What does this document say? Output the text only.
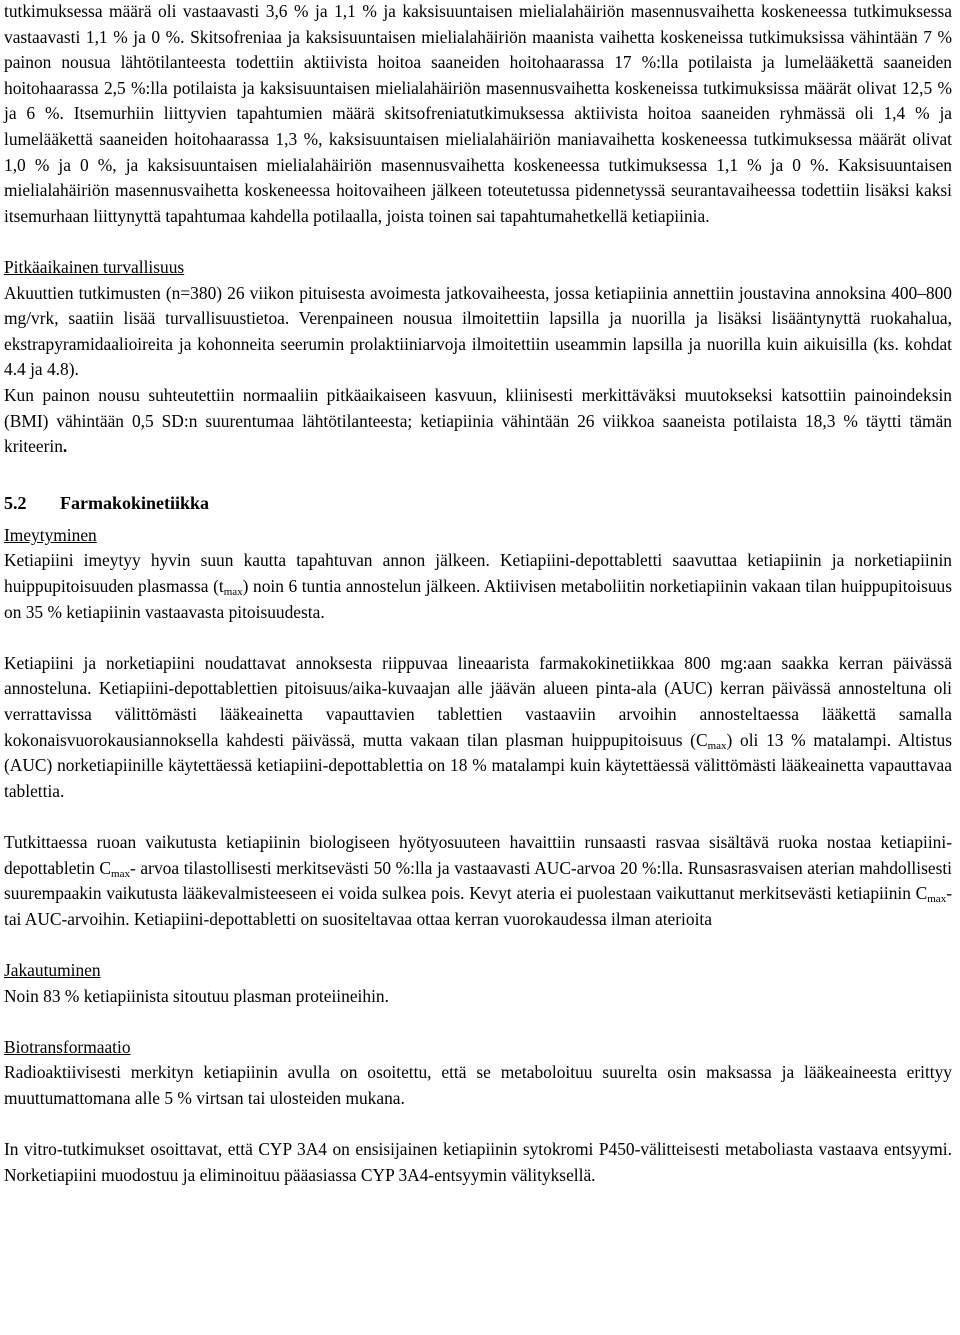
tutkimuksessa määrä oli vastaavasti 3,6 % ja 1,1 % ja kaksisuuntaisen mielialahäiriön masennusvaihetta koskeneessa tutkimuksessa vastaavasti 1,1 % ja 0 %. Skitsofreniaa ja kaksisuuntaisen mielialahäiriön maanista vaihetta koskeneissa tutkimuksissa vähintään 7 % painon nousua lähtötilanteesta todettiin aktiivista hoitoa saaneiden hoitohaarassa 17 %:lla potilaista ja lumelääkettä saaneiden hoitohaarassa 2,5 %:lla potilaista ja kaksisuuntaisen mielialahäiriön masennusvaihetta koskeneissa tutkimuksissa määrät olivat 12,5 % ja 6 %. Itsemurhiin liittyvien tapahtumien määrä skitsofreniatutkimuksessa aktiivista hoitoa saaneiden ryhmässä oli 1,4 % ja lumelääkettä saaneiden hoitohaarassa 1,3 %, kaksisuuntaisen mielialahäiriön maniavaihetta koskeneessa tutkimuksessa määrät olivat 1,0 % ja 0 %, ja kaksisuuntaisen mielialahäiriön masennusvaihetta koskeneessa tutkimuksessa 1,1 % ja 0 %. Kaksisuuntaisen mielialahäiriön masennusvaihetta koskeneessa hoitovaiheen jälkeen toteutetussa pidennetyssä seurantavaiheessa todettiin lisäksi kaksi itsemurhaan liittynyttä tapahtumaa kahdella potilaalla, joista toinen sai tapahtumahetkellä ketiapiinia.

Pitkäaikainen turvallisuus

Akuuttien tutkimusten (n=380) 26 viikon pituisesta avoimesta jatkovaiheesta, jossa ketiapiinia annettiin joustavina annoksina 400–800 mg/vrk, saatiin lisää turvallisuustietoa. Verenpaineen nousua ilmoitettiin lapsilla ja nuorilla ja lisäksi lisääntynyttä ruokahalua, ekstrapyramidaalioireita ja kohonneita seerumin prolaktiiniarvoja ilmoitettiin useammin lapsilla ja nuorilla kuin aikuisilla (ks. kohdat 4.4 ja 4.8).

Kun painon nousu suhteutettiin normaaliin pitkäaikaiseen kasvuun, kliinisesti merkittäväksi muutokseksi katsottiin painoindeksin (BMI) vähintään 0,5 SD:n suurentumaa lähtötilanteesta; ketiapiinia vähintään 26 viikkoa saaneista potilaista 18,3 % täytti tämän kriteerin.

5.2 Farmakokinetiikka

Imeytyminen

Ketiapiini imeytyy hyvin suun kautta tapahtuvan annon jälkeen. Ketiapiini-depottabletti saavuttaa ketiapiinin ja norketiapiinin huippupitoisuuden plasmassa $(t_{max})$ noin 6 tuntia annostelun jälkeen. Aktiivisen metaboliitin norketiapiinin vakaan tilan huippupitoisuus on 35 % ketiapiinin vastaavasta pitoisuudesta.

Ketiapiini ja norketiapiini noudattavat annoksesta riippuvaa lineaarista farmakokinetiikkaa 800 mg:aan saakka kerran päivässä annosteluna. Ketiapiini-depottablettien pitoisuus/aika-kuvaajan alle jäävän alueen pinta-ala (AUC) kerran päivässä annosteltuna oli verrattavissa välittömästi lääkeainetta vapauttavien tablettien vastaaviin arvoihin annosteltaessa lääkettä samalla kokonaisvuorokausiannoksella kahdesti päivässä, mutta vakaan tilan plasman huippupitoisuus $(C_{max})$ oli 13 % matalampi. Altistus (AUC) norketiapiinille käytettäessä ketiapiini-depottablettia on 18 % matalampi kuin käytettäessä välittömästi lääkeainetta vapauttavaa tablettia.

Tutkittaessa ruoan vaikutusta ketiapiinin biologiseen hyötyosuuteen havaittiin runsaasti rasvaa sisältävä ruoka nostaa ketiapiini-depottabletin $C_{max}-$ arvoa tilastollisesti merkitsevästi 50 %:lla ja vastaavasti AUC-arvoa 20 %:lla. Runsasrasvaisen aterian mahdollisesti suurempaakin vaikutusta lääkevalmisteeseen ei voida sulkea pois. Kevyt ateria ei puolestaan vaikuttanut merkitsevästi ketiapiinin $C_{max}-$ tai AUC-arvoihin. Ketiapiini-depottabletti on suositeltavaa ottaa kerran vuorokaudessa ilman aterioita

Jakautuminen

Noin 83 % ketiapiinista sitoutuu plasman proteiineihin.

Biotransformaatio

Radioaktiivisesti merkityn ketiapiinin avulla on osoitettu, että se metaboloituu suurelta osin maksassa ja lääkeaineesta erittyy muuttumattomana alle 5 % virtsan tai ulosteiden mukana.

In vitro-tutkimukset osoittavat, että CYP 3A4 on ensisijainen ketiapiinin sytokromi P450-välitteisesti metaboliasta vastaava entsyymi. Norketiapiini muodostuu ja eliminoituu pääasiassa CYP 3A4-entsyymin välityksellä.
